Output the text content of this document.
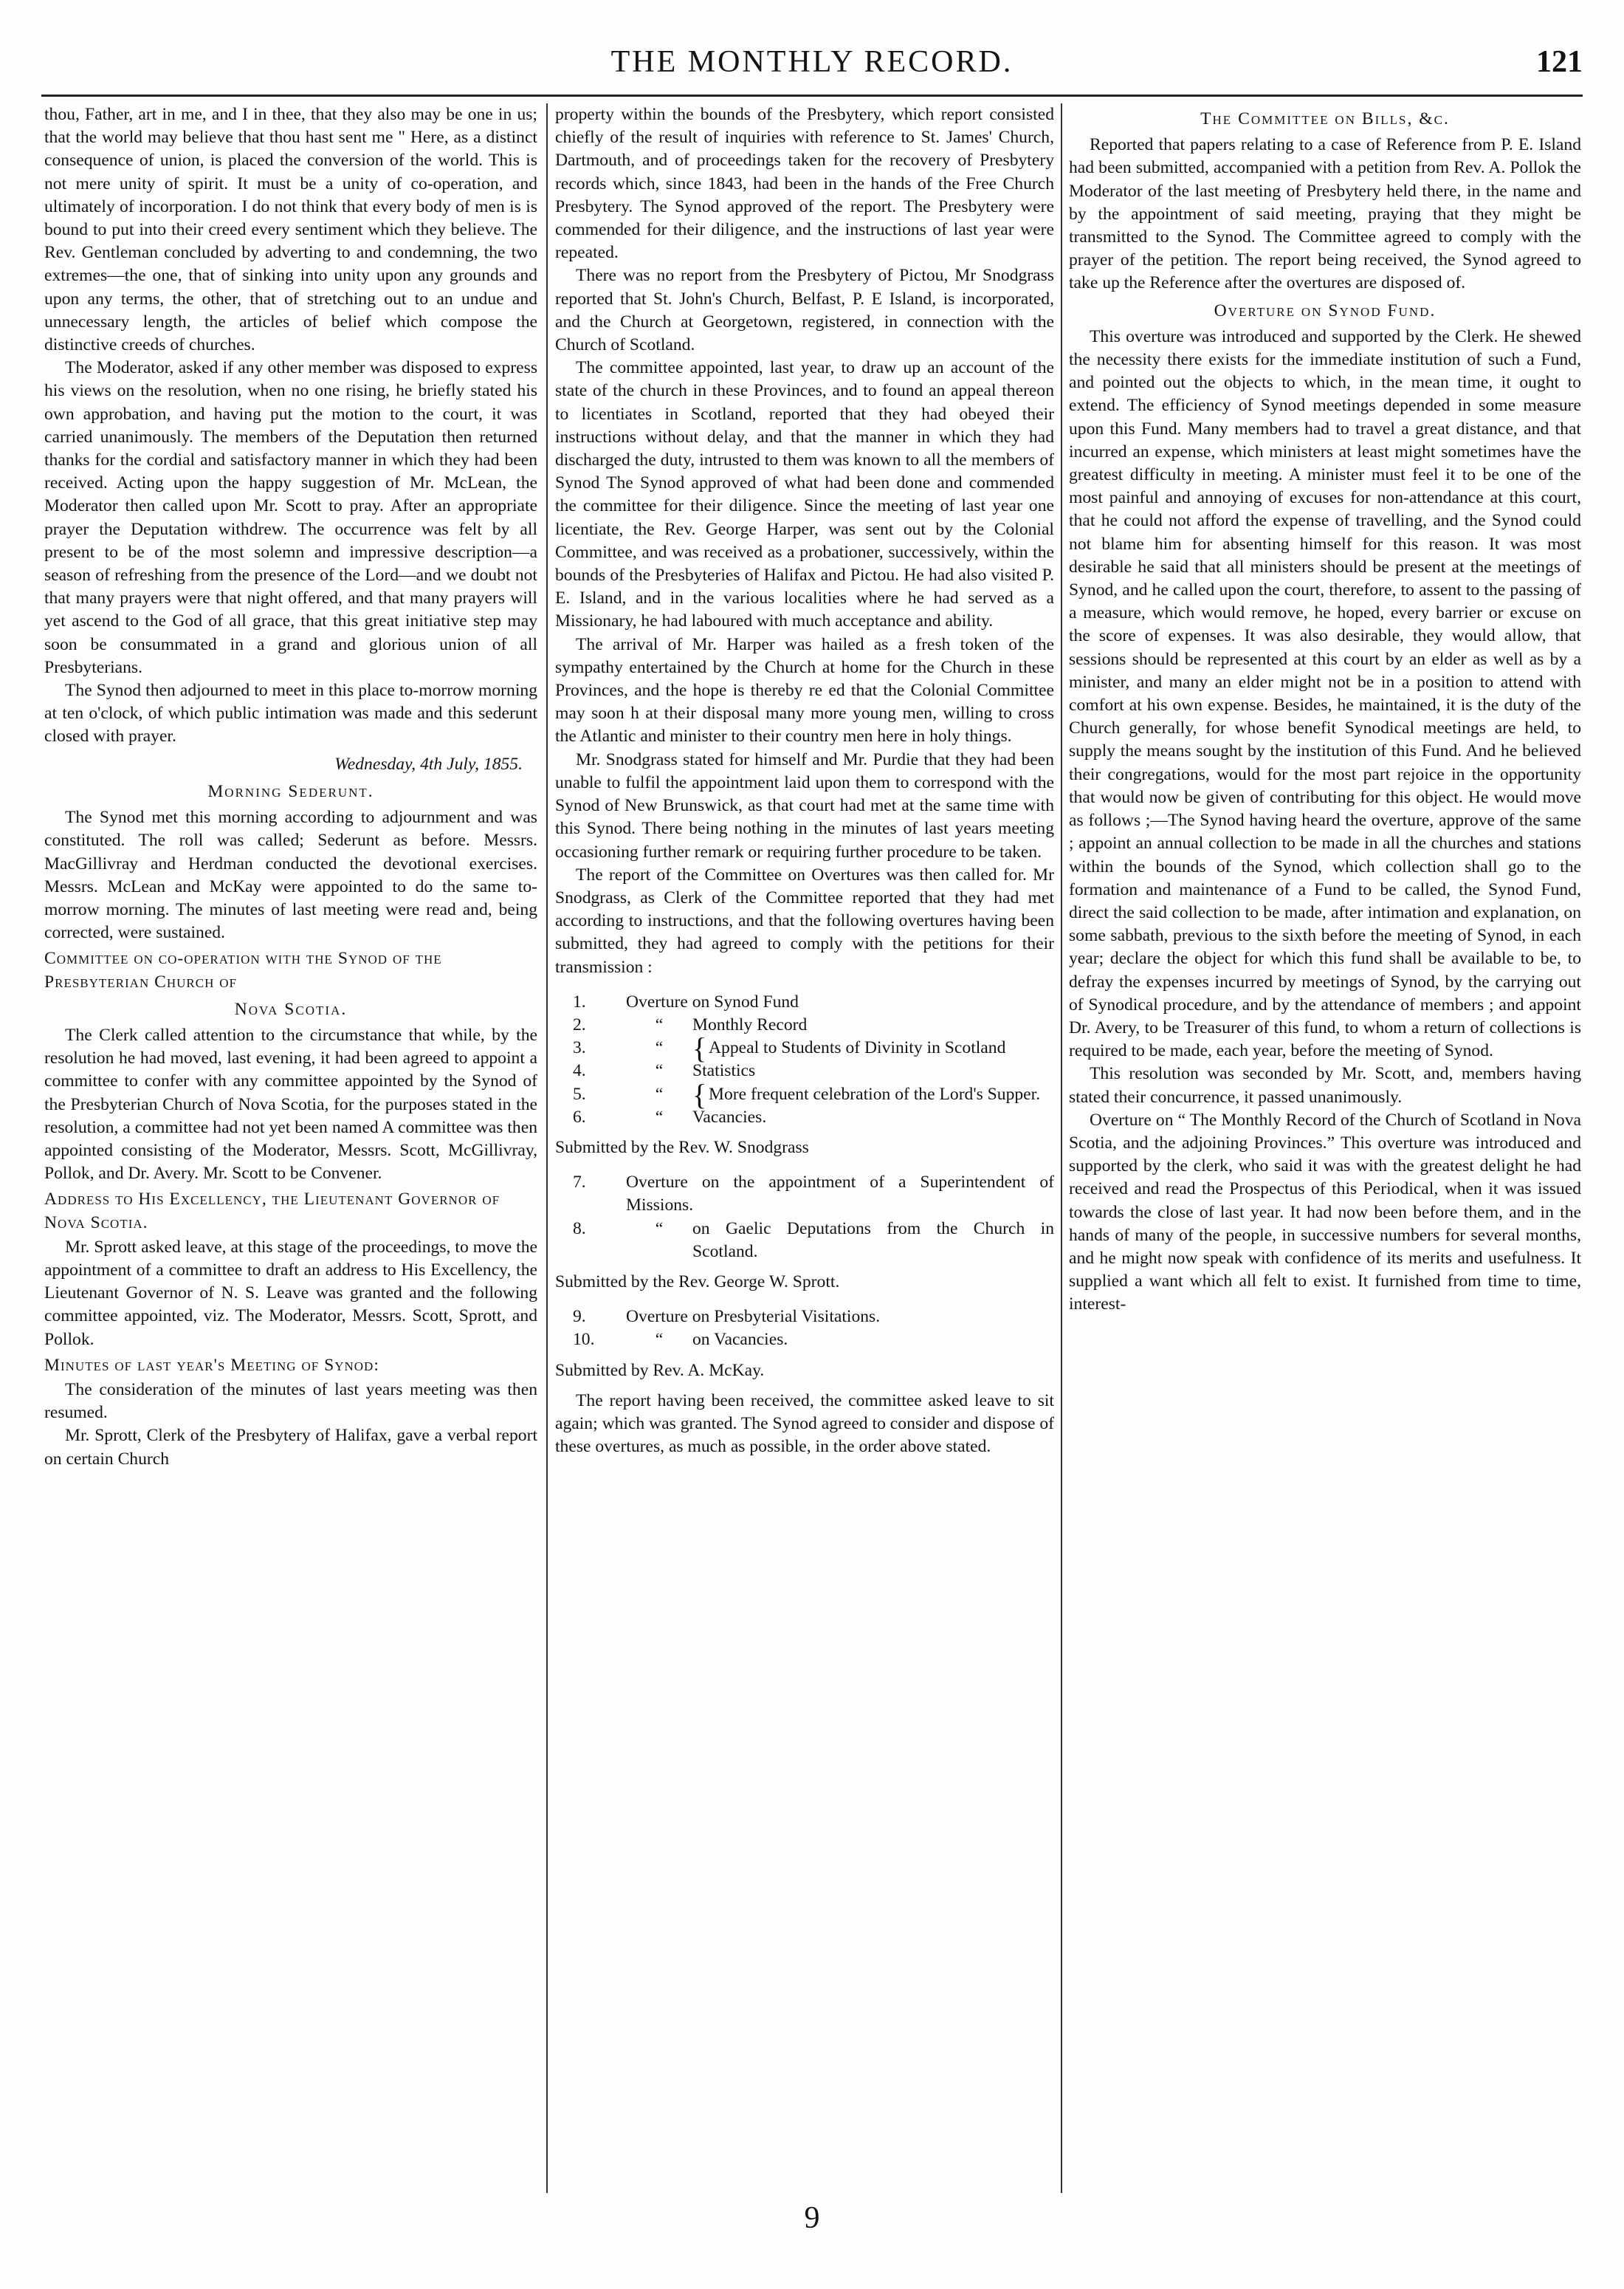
THE MONTHLY RECORD.	121

thou, Father, art in me, and I in thee, that they also may be one in us; that the world may believe that thou hast sent me " Here, as a distinct consequence of union, is placed the conversion of the world. This is not mere unity of spirit. It must be a unity of co-operation, and ultimately of incorporation. I do not think that every body of men is is bound to put into their creed every sentiment which they believe. The Rev. Gentleman concluded by adverting to and condemning, the two extremes—the one, that of sinking into unity upon any grounds and upon any terms, the other, that of stretching out to an undue and unnecessary length, the articles of belief which compose the distinctive creeds of churches.

The Moderator, asked if any other member was disposed to express his views on the resolution, when no one rising, he briefly stated his own approbation, and having put the motion to the court, it was carried unanimously. The members of the Deputation then returned thanks for the cordial and satisfactory manner in which they had been received. Acting upon the happy suggestion of Mr. McLean, the Moderator then called upon Mr. Scott to pray. After an appropriate prayer the Deputation withdrew. The occurrence was felt by all present to be of the most solemn and impressive description—a season of refreshing from the presence of the Lord—and we doubt not that many prayers were that night offered, and that many prayers will yet ascend to the God of all grace, that this great initiative step may soon be consummated in a grand and glorious union of all Presbyterians.

The Synod then adjourned to meet in this place to-morrow morning at ten o'clock, of which public intimation was made and this sederunt closed with prayer.

Wednesday, 4th July, 1855.

Morning Sederunt.

The Synod met this morning according to adjournment and was constituted. The roll was called; Sederunt as before. Messrs. MacGillivray and Herdman conducted the devotional exercises. Messrs. McLean and McKay were appointed to do the same to-morrow morning. The minutes of last meeting were read and, being corrected, were sustained.

Committee on co-operation with the Synod of the Presbyterian Church of

Nova Scotia.

The Clerk called attention to the circumstance that while, by the resolution he had moved, last evening, it had been agreed to appoint a committee to confer with any committee appointed by the Synod of the Presbyterian Church of Nova Scotia, for the purposes stated in the resolution, a committee had not yet been named A committee was then appointed consisting of the Moderator, Messrs. Scott, McGillivray, Pollok, and Dr. Avery. Mr. Scott to be Convener.

Address to His Excellency, the Lieutenant Governor of Nova Scotia.

Mr. Sprott asked leave, at this stage of the proceedings, to move the appointment of a committee to draft an address to His Excellency, the Lieutenant Governor of N. S. Leave was granted and the following committee appointed, viz. The Moderator, Messrs. Scott, Sprott, and Pollok.

Minutes of last year's Meeting of Synod:

The consideration of the minutes of last years meeting was then resumed.

Mr. Sprott, Clerk of the Presbytery of Halifax, gave a verbal report on certain Church

property within the bounds of the Presbytery, which report consisted chiefly of the result of inquiries with reference to St. James' Church, Dartmouth, and of proceedings taken for the recovery of Presbytery records which, since 1843, had been in the hands of the Free Church Presbytery. The Synod approved of the report. The Presbytery were commended for their diligence, and the instructions of last year were repeated.

There was no report from the Presbytery of Pictou, Mr Snodgrass reported that St. John's Church, Belfast, P. E Island, is incorporated, and the Church at Georgetown, registered, in connection with the Church of Scotland.

The committee appointed, last year, to draw up an account of the state of the church in these Provinces, and to found an appeal thereon to licentiates in Scotland, reported that they had obeyed their instructions without delay, and that the manner in which they had discharged the duty, intrusted to them was known to all the members of Synod The Synod approved of what had been done and commended the committee for their diligence. Since the meeting of last year one licentiate, the Rev. George Harper, was sent out by the Colonial Committee, and was received as a probationer, successively, within the bounds of the Presbyteries of Halifax and Pictou. He had also visited P. E. Island, and in the various localities where he had served as a Missionary, he had laboured with much acceptance and ability.

The arrival of Mr. Harper was hailed as a fresh token of the sympathy entertained by the Church at home for the Church in these Provinces, and the hope is thereby re ed that the Colonial Committee may soon h at their disposal many more young men, willing to cross the Atlantic and minister to their country men here in holy things.

Mr. Snodgrass stated for himself and Mr. Purdie that they had been unable to fulfil the appointment laid upon them to correspond with the Synod of New Brunswick, as that court had met at the same time with this Synod. There being nothing in the minutes of last years meeting occasioning further remark or requiring further procedure to be taken.

The report of the Committee on Overtures was then called for. Mr Snodgrass, as Clerk of the Committee reported that they had met according to instructions, and that the following overtures having been submitted, they had agreed to comply with the petitions for their transmission :

1.	Overture on Synod Fund
2.	“	Monthly Record
3.	“ { Appeal to Students of Divinity in Scotland
4.	“	Statistics
5.	“ { More frequent celebration of the Lord's Supper.
6.	“	Vacancies.

Submitted by the Rev. W. Snodgrass

7.	Overture on the appointment of a Superintendent of Missions.
8.	“	on Gaelic Deputations from the Church in Scotland.

Submitted by the Rev. George W. Sprott.

9.	Overture on Presbyterial Visitations.
10.	“	on Vacancies.

Submitted by Rev. A. McKay.

The report having been received, the committee asked leave to sit again; which was granted. The Synod agreed to consider and dispose of these overtures, as much as possible, in the order above stated.

The Committee on Bills, &c.

Reported that papers relating to a case of Reference from P. E. Island had been submitted, accompanied with a petition from Rev. A. Pollok the Moderator of the last meeting of Presbytery held there, in the name and by the appointment of said meeting, praying that they might be transmitted to the Synod. The Committee agreed to comply with the prayer of the petition. The report being received, the Synod agreed to take up the Reference after the overtures are disposed of.

Overture on Synod Fund.

This overture was introduced and supported by the Clerk. He shewed the necessity there exists for the immediate institution of such a Fund, and pointed out the objects to which, in the mean time, it ought to extend. The efficiency of Synod meetings depended in some measure upon this Fund. Many members had to travel a great distance, and that incurred an expense, which ministers at least might sometimes have the greatest difficulty in meeting. A minister must feel it to be one of the most painful and annoying of excuses for non-attendance at this court, that he could not afford the expense of travelling, and the Synod could not blame him for absenting himself for this reason. It was most desirable he said that all ministers should be present at the meetings of Synod, and he called upon the court, therefore, to assent to the passing of a measure, which would remove, he hoped, every barrier or excuse on the score of expenses. It was also desirable, they would allow, that sessions should be represented at this court by an elder as well as by a minister, and many an elder might not be in a position to attend with comfort at his own expense. Besides, he maintained, it is the duty of the Church generally, for whose benefit Synodical meetings are held, to supply the means sought by the institution of this Fund. And he believed their congregations, would for the most part rejoice in the opportunity that would now be given of contributing for this object. He would move as follows ;—The Synod having heard the overture, approve of the same ; appoint an annual collection to be made in all the churches and stations within the bounds of the Synod, which collection shall go to the formation and maintenance of a Fund to be called, the Synod Fund, direct the said collection to be made, after intimation and explanation, on some sabbath, previous to the sixth before the meeting of Synod, in each year; declare the object for which this fund shall be available to be, to defray the expenses incurred by meetings of Synod, by the carrying out of Synodical procedure, and by the attendance of members ; and appoint Dr. Avery, to be Treasurer of this fund, to whom a return of collections is required to be made, each year, before the meeting of Synod.

This resolution was seconded by Mr. Scott, and, members having stated their concurrence, it passed unanimously.

Overture on “ The Monthly Record of the Church of Scotland in Nova Scotia, and the adjoining Provinces.” This overture was introduced and supported by the clerk, who said it was with the greatest delight he had received and read the Prospectus of this Periodical, when it was issued towards the close of last year. It had now been before them, and in the hands of many of the people, in successive numbers for several months, and he might now speak with confidence of its merits and usefulness. It supplied a want which all felt to exist. It furnished from time to time, interest-

9
